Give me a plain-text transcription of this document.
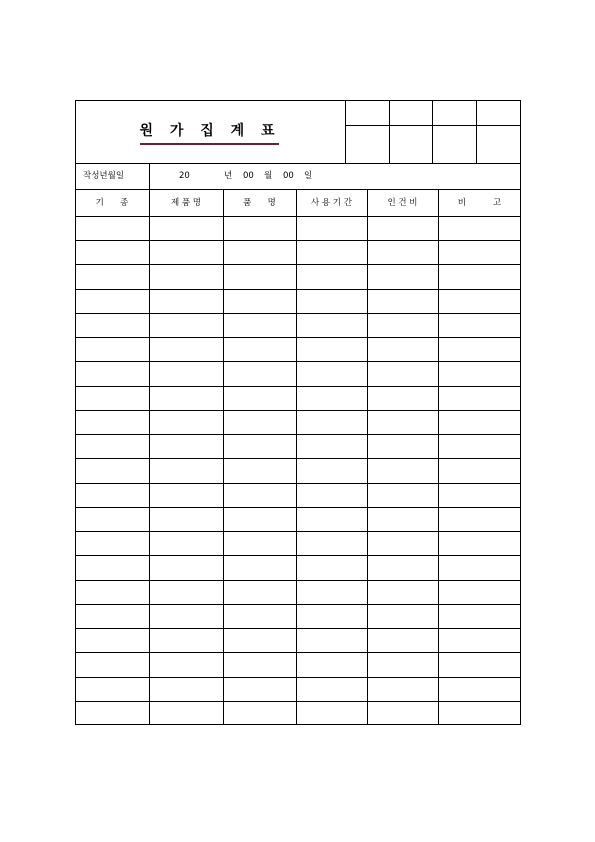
원 가 집 계 표
작성년월일	20	년 00 월 00 일
기      종	제 품 명	품      명	사 용 기 간	인 건 비	비          고
